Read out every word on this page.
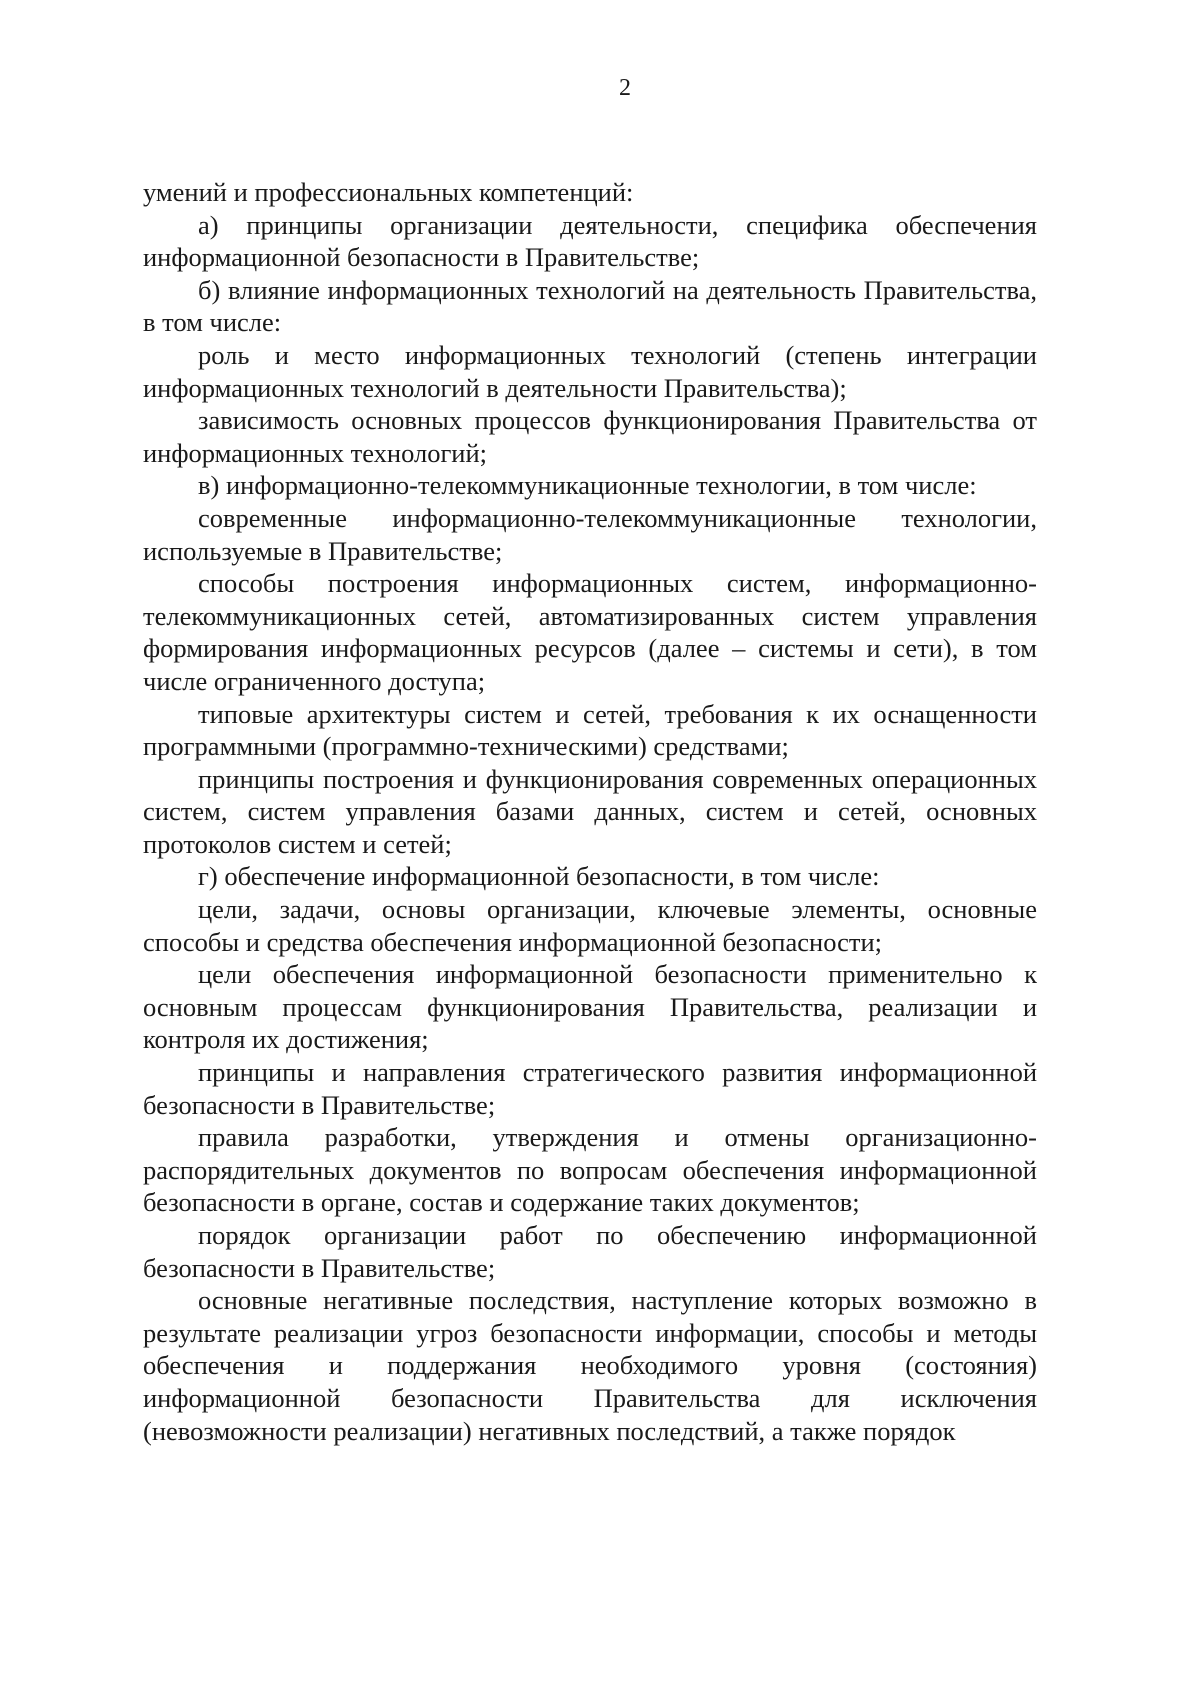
2

умений и профессиональных компетенций:

а) принципы организации деятельности, специфика обеспечения информационной безопасности в Правительстве;

б) влияние информационных технологий на деятельность Правительства, в том числе:

роль и место информационных технологий (степень интеграции информационных технологий в деятельности Правительства);

зависимость основных процессов функционирования Правительства от информационных технологий;

в) информационно-телекоммуникационные технологии, в том числе:

современные информационно-телекоммуникационные технологии, используемые в Правительстве;

способы построения информационных систем, информационно-телекоммуникационных сетей, автоматизированных систем управления формирования информационных ресурсов (далее – системы и сети), в том числе ограниченного доступа;

типовые архитектуры систем и сетей, требования к их оснащенности программными (программно-техническими) средствами;

принципы построения и функционирования современных операционных систем, систем управления базами данных, систем и сетей, основных протоколов систем и сетей;

г) обеспечение информационной безопасности, в том числе:

цели, задачи, основы организации, ключевые элементы, основные способы и средства обеспечения информационной безопасности;

цели обеспечения информационной безопасности применительно к основным процессам функционирования Правительства, реализации и контроля их достижения;

принципы и направления стратегического развития информационной безопасности в Правительстве;

правила разработки, утверждения и отмены организационно-распорядительных документов по вопросам обеспечения информационной безопасности в органе, состав и содержание таких документов;

порядок организации работ по обеспечению информационной безопасности в Правительстве;

основные негативные последствия, наступление которых возможно в результате реализации угроз безопасности информации, способы и методы обеспечения и поддержания необходимого уровня (состояния) информационной безопасности Правительства для исключения (невозможности реализации) негативных последствий, а также порядок
